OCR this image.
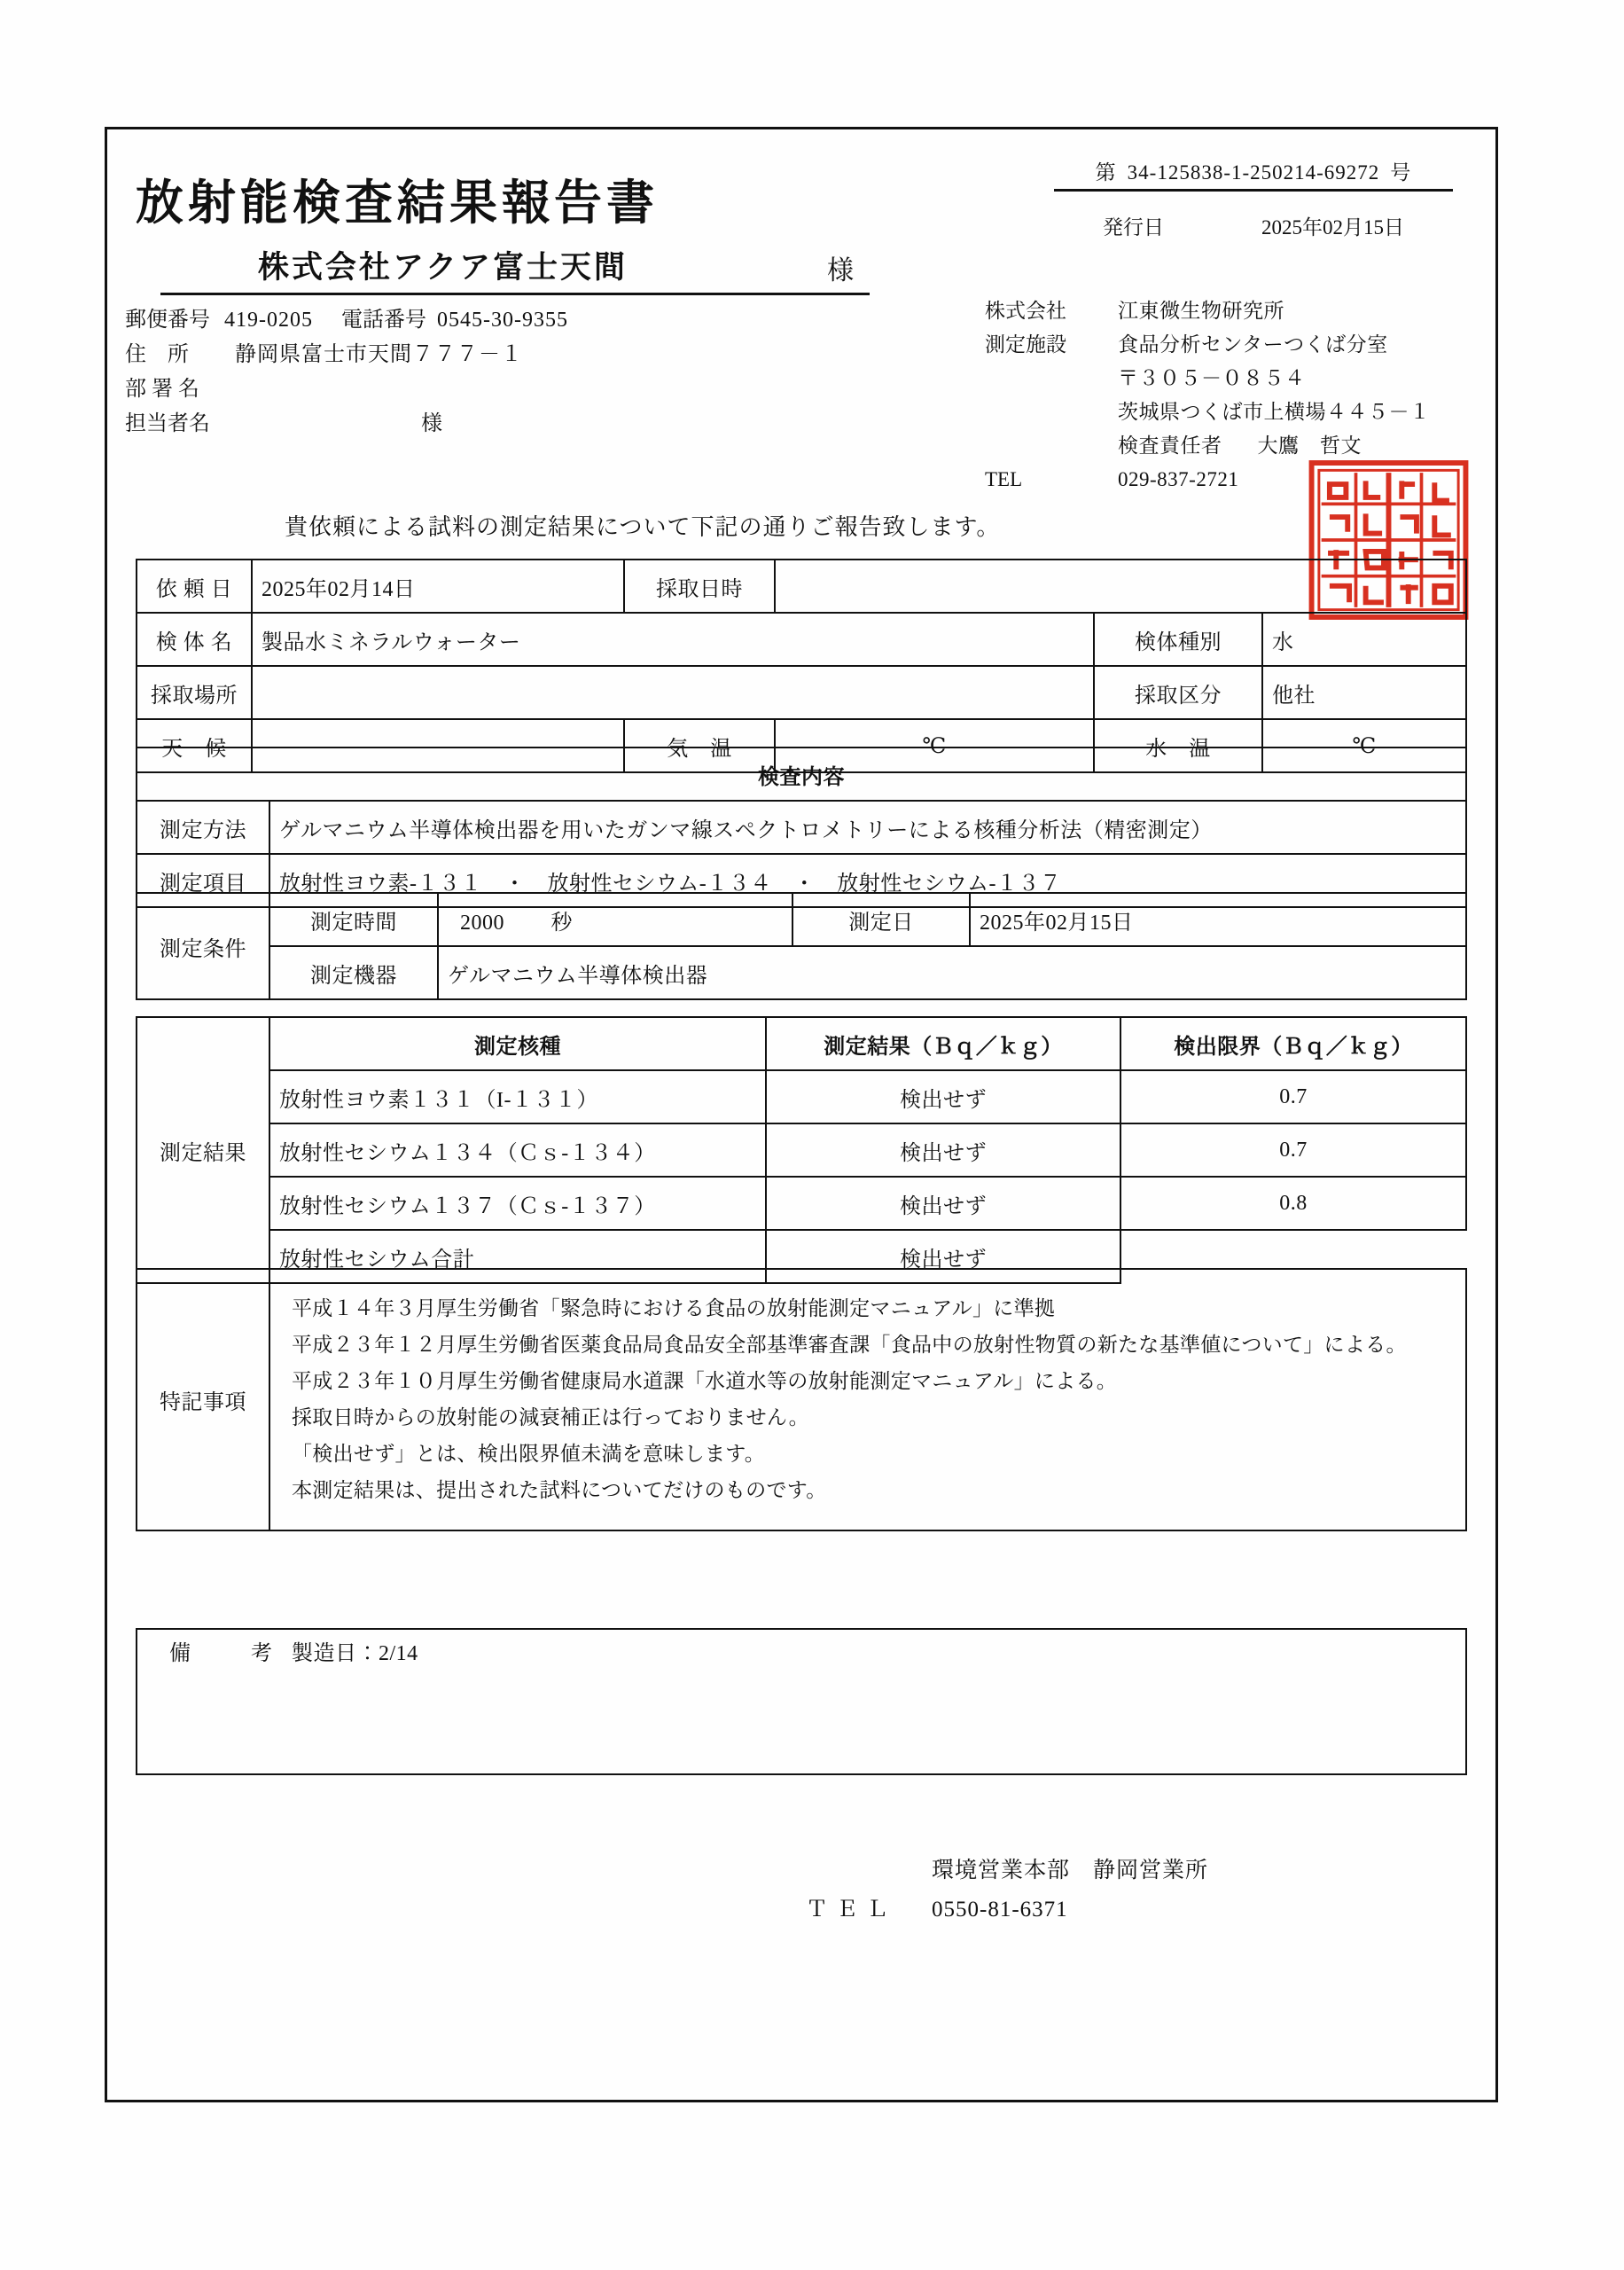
放射能検査結果報告書
第 34-125838-1-250214-69272 号
発行日	2025年02月15日
株式会社アクア富士天間	様
郵便番号 419-0205 電話番号 0545-30-9355
住　所 静岡県富士市天間７７７－１
部 署 名
担当者名	様
株式会社	江東微生物研究所
測定施設	食品分析センターつくば分室
〒３０５－０８５４
茨城県つくば市上横場４４５－１
検査責任者 大鷹　哲文
TEL	029-837-2721
貴依頼による試料の測定結果について下記の通りご報告致します。
依 頼 日	2025年02月14日	採取日時			
検 体 名	製品水ミネラルウォーター			検体種別	水
採取場所				採取区分	他社
天　候		気　温	℃	水　温	℃
検査内容	
測定方法	ゲルマニウム半導体検出器を用いたガンマ線スペクトロメトリーによる核種分析法（精密測定）
測定項目	放射性ヨウ素-１３１　・　放射性セシウム-１３４　・　放射性セシウム-１３７
測定条件	測定時間	2000 秒	測定日	2025年02月15日
	測定機器	ゲルマニウム半導体検出器		
	測定核種	測定結果（Ｂｑ／ｋｇ）	検出限界（Ｂｑ／ｋｇ）
	放射性ヨウ素１３１（I-１３１）	検出せず	0.7
測定結果	放射性セシウム１３４（Ｃｓ-１３４）	検出せず	0.7
	放射性セシウム１３７（Ｃｓ-１３７）	検出せず	0.8
	放射性セシウム合計	検出せず	
特記事項	
平成１４年３月厚生労働省「緊急時における食品の放射能測定マニュアル」に準拠
平成２３年１２月厚生労働省医薬食品局食品安全部基準審査課「食品中の放射性物質の新たな基準値について」による。
平成２３年１０月厚生労働省健康局水道課「水道水等の放射能測定マニュアル」による。
採取日時からの放射能の減衰補正は行っておりません。
「検出せず」とは、検出限界値未満を意味します。
本測定結果は、提出された試料についてだけのものです。
備　考製造日：2/14
環境営業本部　静岡営業所
ＴＥＬ	0550-81-6371
